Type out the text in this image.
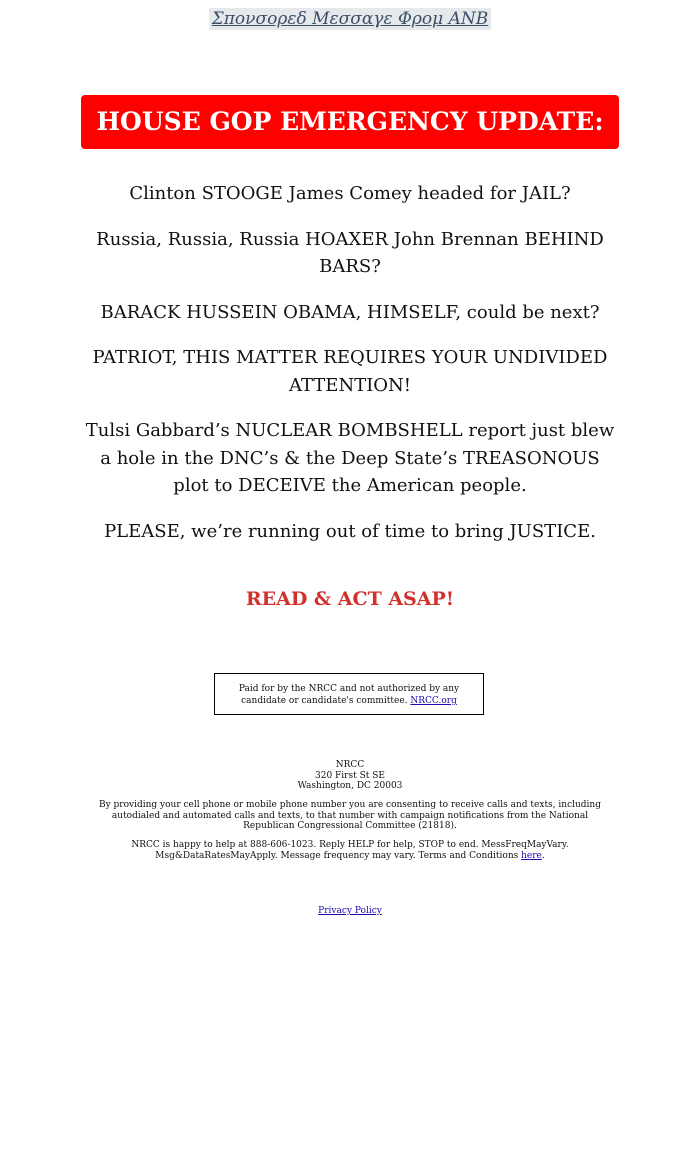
Σπονσορεδ Μεσσαγε Φρομ ΑΝΒ
HOUSE GOP EMERGENCY UPDATE:

Clinton STOOGE James Comey headed for JAIL?

Russia, Russia, Russia HOAXER John Brennan BEHIND BARS?

BARACK HUSSEIN OBAMA, HIMSELF, could be next?

PATRIOT, THIS MATTER REQUIRES YOUR UNDIVIDED ATTENTION!

Tulsi Gabbard’s NUCLEAR BOMBSHELL report just blew a hole in the DNC’s & the Deep State’s TREASONOUS plot to DECEIVE the American people.

PLEASE, we’re running out of time to bring JUSTICE.

READ & ACT ASAP!
Paid for by the NRCC and not authorized by any candidate or candidate's committee. NRCC.org
NRCC
320 First St SE
Washington, DC 20003
By providing your cell phone or mobile phone number you are consenting to receive calls and texts, including autodialed and automated calls and texts, to that number with campaign notifications from the National Republican Congressional Committee (21818).
NRCC is happy to help at 888-606-1023. Reply HELP for help, STOP to end. MessFreqMayVary. Msg&DataRatesMayApply. Message frequency may vary. Terms and Conditions here.
Privacy Policy
